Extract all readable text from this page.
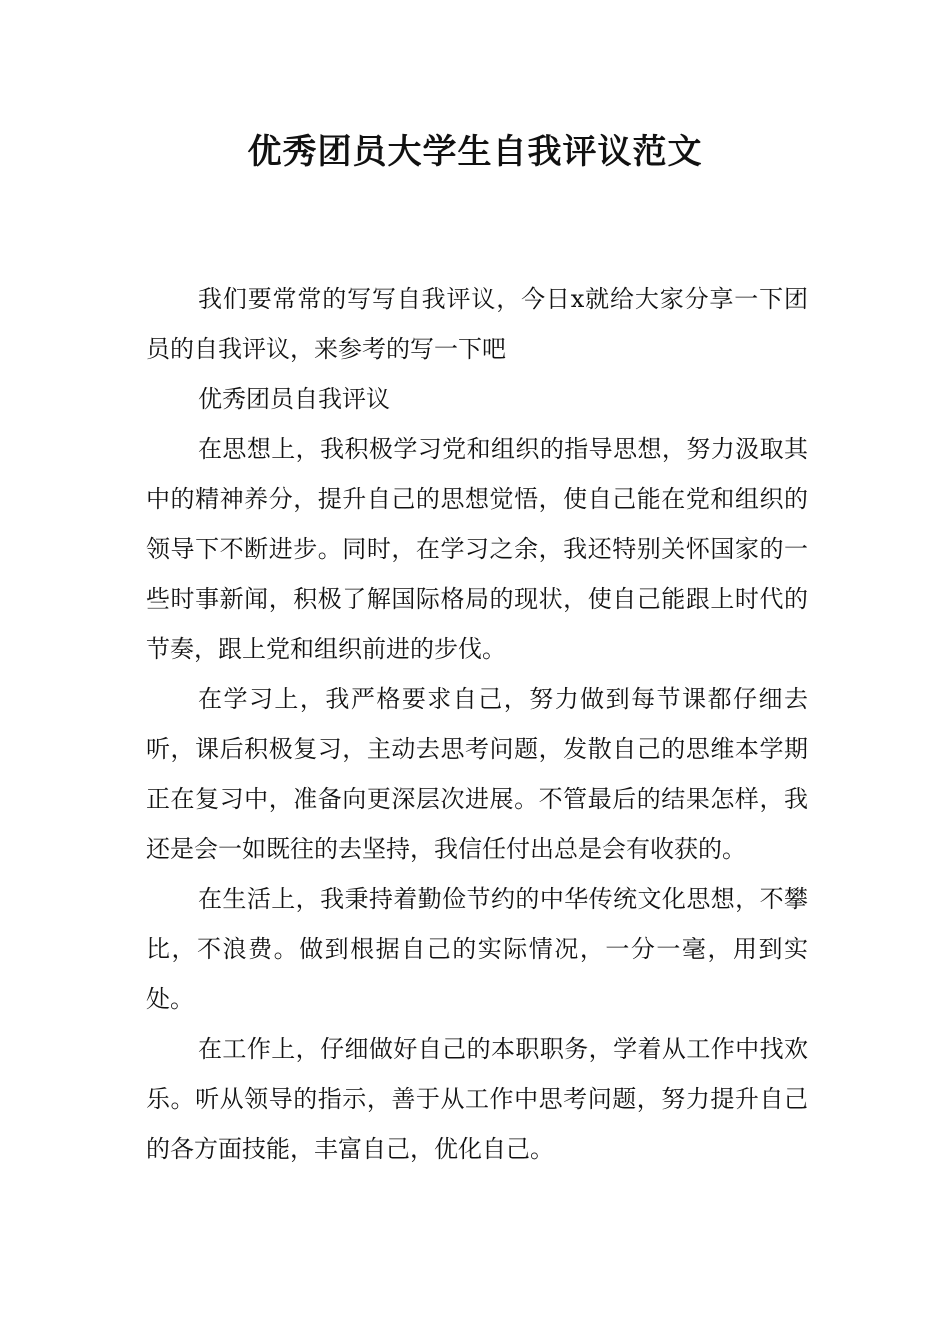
优秀团员大学生自我评议范文

我们要常常的写写自我评议，今日x就给大家分享一下团员的自我评议，来参考的写一下吧

优秀团员自我评议

在思想上，我积极学习党和组织的指导思想，努力汲取其中的精神养分，提升自己的思想觉悟，使自己能在党和组织的领导下不断进步。同时，在学习之余，我还特别关怀国家的一些时事新闻，积极了解国际格局的现状，使自己能跟上时代的节奏，跟上党和组织前进的步伐。

在学习上，我严格要求自己，努力做到每节课都仔细去听，课后积极复习，主动去思考问题，发散自己的思维本学期正在复习中，准备向更深层次进展。不管最后的结果怎样，我还是会一如既往的去坚持，我信任付出总是会有收获的。

在生活上，我秉持着勤俭节约的中华传统文化思想，不攀比，不浪费。做到根据自己的实际情况，一分一毫，用到实处。

在工作上，仔细做好自己的本职职务，学着从工作中找欢乐。听从领导的指示，善于从工作中思考问题，努力提升自己的各方面技能，丰富自己，优化自己。
